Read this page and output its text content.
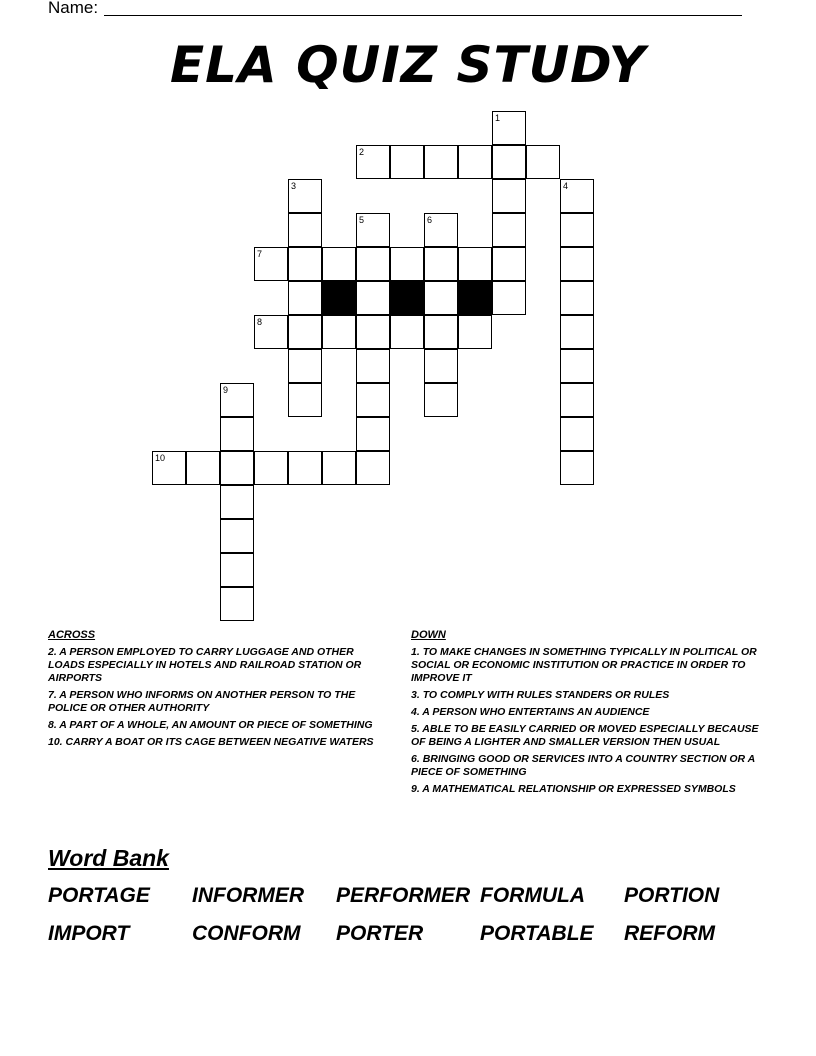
Name:
ELA QUIZ STUDY
1
2
3	4
5	6
7
8
9
10
ACROSS
2. A PERSON EMPLOYED TO CARRY LUGGAGE AND OTHER LOADS ESPECIALLY IN HOTELS AND RAILROAD STATION OR AIRPORTS
7. A PERSON WHO INFORMS ON ANOTHER PERSON TO THE POLICE OR OTHER AUTHORITY
8. A PART OF A WHOLE, AN AMOUNT OR PIECE OF SOMETHING
10. CARRY A BOAT OR ITS CAGE BETWEEN NEGATIVE WATERS
DOWN
1. TO MAKE CHANGES IN SOMETHING TYPICALLY IN POLITICAL OR SOCIAL OR ECONOMIC INSTITUTION OR PRACTICE IN ORDER TO IMPROVE IT
3. TO COMPLY WITH RULES STANDERS OR RULES
4. A PERSON WHO ENTERTAINS AN AUDIENCE
5. ABLE TO BE EASILY CARRIED OR MOVED ESPECIALLY BECAUSE OF BEING A LIGHTER AND SMALLER VERSION THEN USUAL
6. BRINGING GOOD OR SERVICES INTO A COUNTRY SECTION OR A PIECE OF SOMETHING
9. A MATHEMATICAL RELATIONSHIP OR EXPRESSED SYMBOLS
Word Bank
PORTAGE INFORMER PERFORMER FORMULA PORTION
IMPORT	CONFORM PORTER	PORTABLE REFORM
